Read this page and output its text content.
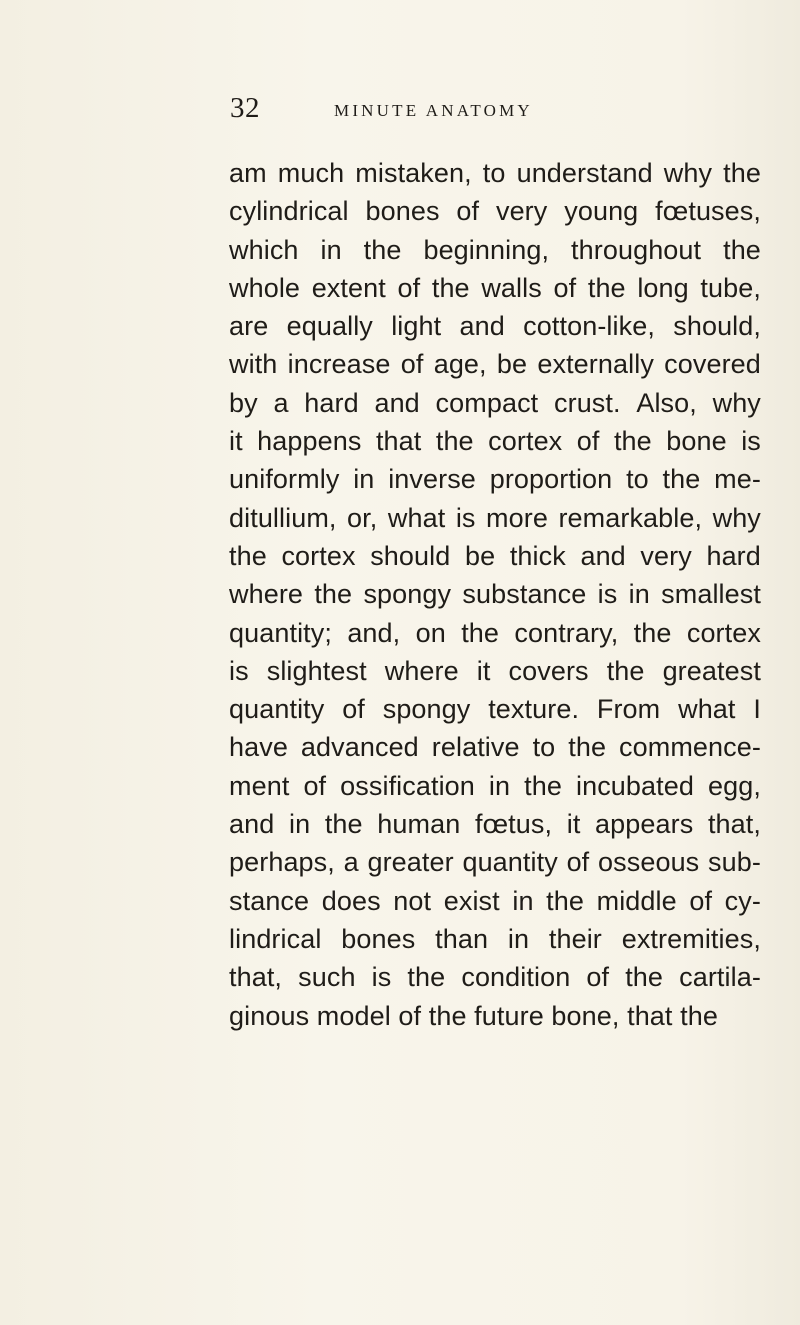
32	MINUTE ANATOMY
am much mistaken, to understand why the
cylindrical bones of very young fœtuses,
which in the beginning, throughout the
whole extent of the walls of the long tube,
are equally light and cotton-like, should,
with increase of age, be externally covered
by a hard and compact crust. Also, why
it happens that the cortex of the bone is
uniformly in inverse proportion to the me-
ditullium, or, what is more remarkable, why
the cortex should be thick and very hard
where the spongy substance is in smallest
quantity; and, on the contrary, the cortex
is slightest where it covers the greatest
quantity of spongy texture. From what I
have advanced relative to the commence-
ment of ossification in the incubated egg,
and in the human fœtus, it appears that,
perhaps, a greater quantity of osseous sub-
stance does not exist in the middle of cy-
lindrical bones than in their extremities,
that, such is the condition of the cartila-
ginous model of the future bone, that the
